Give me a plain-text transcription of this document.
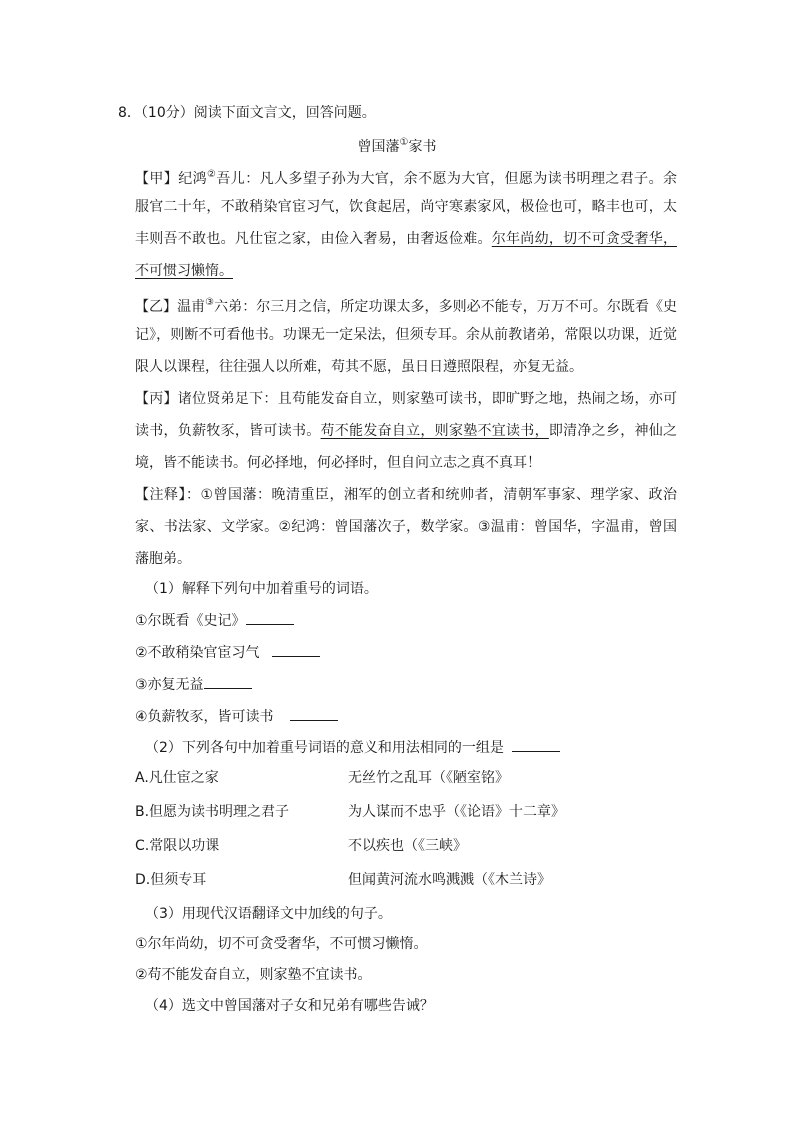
8．（10分）阅读下面文言文，回答问题。
曾国藩①家书
【甲】纪鸿②吾儿：凡人多望子孙为大官，余不愿为大官，但愿为读书明理之君子。余
服官二十年，不敢稍染官宦习气，饮食起居，尚守寒素家风，极俭也可，略丰也可，太
丰则吾不敢也。凡仕宦之家，由俭入奢易，由奢返俭难。尔年尚幼，切不可贪受奢华，
不可惯习懒惰。
【乙】温甫③六弟：尔三月之信，所定功课太多，多则必不能专，万万不可。尔既看《史
记》，则断不可看他书。功课无一定呆法，但须专耳。余从前教诸弟，常限以功课，近觉
限人以课程，往往强人以所难，苟其不愿，虽日日遵照限程，亦复无益。
【丙】诸位贤弟足下：且苟能发奋自立，则家塾可读书，即旷野之地，热闹之场，亦可
读书，负薪牧豕，皆可读书。苟不能发奋自立，则家塾不宜读书，即清净之乡，神仙之
境，皆不能读书。何必择地，何必择时，但自问立志之真不真耳！
【注释】：①曾国藩：晚清重臣，湘军的创立者和统帅者，清朝军事家、理学家、政治
家、书法家、文学家。②纪鸿：曾国藩次子，数学家。③温甫：曾国华，字温甫，曾国
藩胞弟。
（1）解释下列句中加着重号的词语。
①尔既看《史记》
②不敢稍染官宦习气
③亦复无益
④负薪牧豕，皆可读书
（2）下列各句中加着重号词语的意义和用法相同的一组是
A.凡仕宦之家	无丝竹之乱耳（《陋室铭》
B.但愿为读书明理之君子	为人谋而不忠乎（《论语》十二章》
C.常限以功课	不以疾也（《三峡》
D.但须专耳	但闻黄河流水鸣溅溅（《木兰诗》
（3）用现代汉语翻译文中加线的句子。
①尔年尚幼，切不可贪受奢华，不可惯习懒惰。
②苟不能发奋自立，则家塾不宜读书。
（4）选文中曾国藩对子女和兄弟有哪些告诫？
